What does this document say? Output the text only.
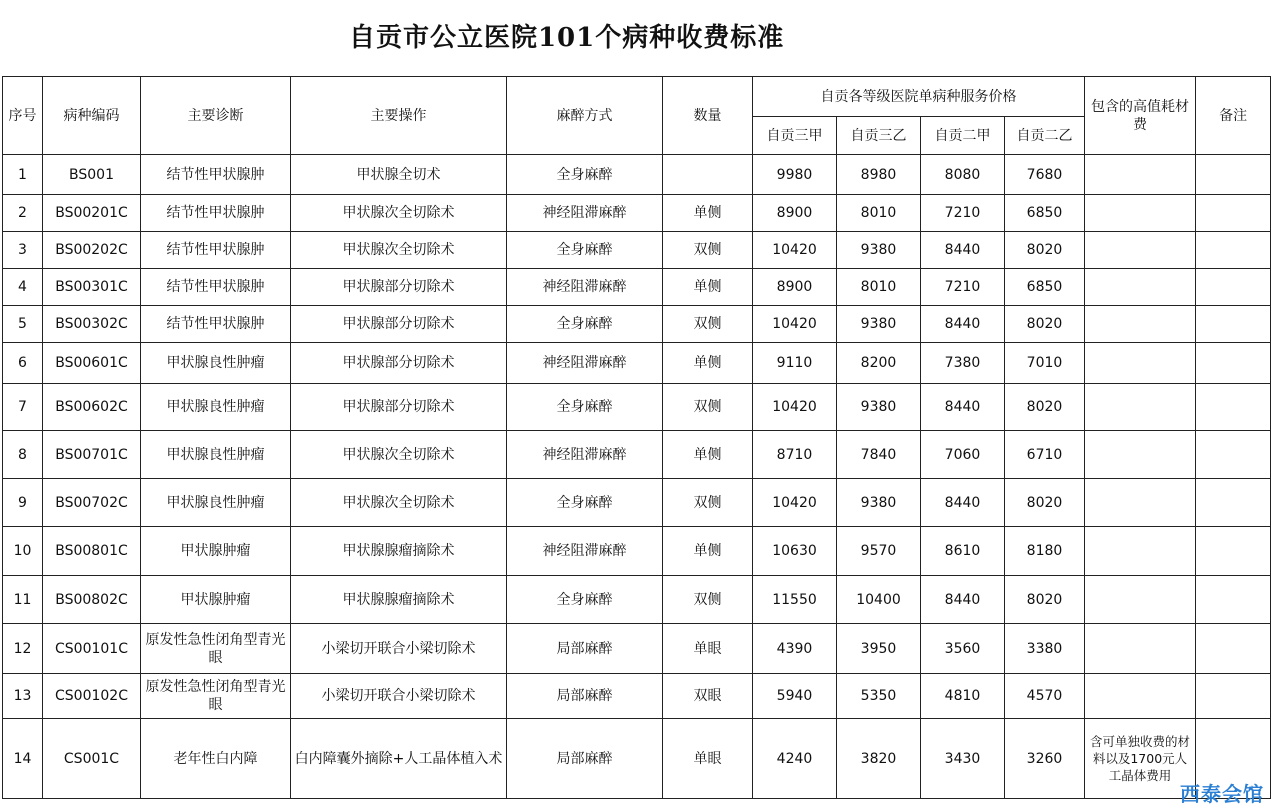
自贡市公立医院101个病种收费标准											
序号	病种编码	主要诊断	主要操作	麻醉方式	数量	自贡各等级医院单病种服务价格				包含的高值耗材费	备注
						自贡三甲	自贡三乙	自贡二甲	自贡二乙		
1	BS001	结节性甲状腺肿	甲状腺全切术	全身麻醉		9980	8980	8080	7680		
2	BS00201C	结节性甲状腺肿	甲状腺次全切除术	神经阻滞麻醉	单侧	8900	8010	7210	6850		
3	BS00202C	结节性甲状腺肿	甲状腺次全切除术	全身麻醉	双侧	10420	9380	8440	8020		
4	BS00301C	结节性甲状腺肿	甲状腺部分切除术	神经阻滞麻醉	单侧	8900	8010	7210	6850		
5	BS00302C	结节性甲状腺肿	甲状腺部分切除术	全身麻醉	双侧	10420	9380	8440	8020		
6	BS00601C	甲状腺良性肿瘤	甲状腺部分切除术	神经阻滞麻醉	单侧	9110	8200	7380	7010		
7	BS00602C	甲状腺良性肿瘤	甲状腺部分切除术	全身麻醉	双侧	10420	9380	8440	8020		
8	BS00701C	甲状腺良性肿瘤	甲状腺次全切除术	神经阻滞麻醉	单侧	8710	7840	7060	6710		
9	BS00702C	甲状腺良性肿瘤	甲状腺次全切除术	全身麻醉	双侧	10420	9380	8440	8020		
10	BS00801C	甲状腺肿瘤	甲状腺腺瘤摘除术	神经阻滞麻醉	单侧	10630	9570	8610	8180		
11	BS00802C	甲状腺肿瘤	甲状腺腺瘤摘除术	全身麻醉	双侧	11550	10400	8440	8020		
12	CS00101C	原发性急性闭角型青光眼	小梁切开联合小梁切除术	局部麻醉	单眼	4390	3950	3560	3380		
13	CS00102C	原发性急性闭角型青光眼	小梁切开联合小梁切除术	局部麻醉	双眼	5940	5350	4810	4570		
14	CS001C	老年性白内障	白内障囊外摘除+人工晶体植入术	局部麻醉	单眼	4240	3820	3430	3260	含可单独收费的材料以及1700元人工晶体费用	
西泰会馆
